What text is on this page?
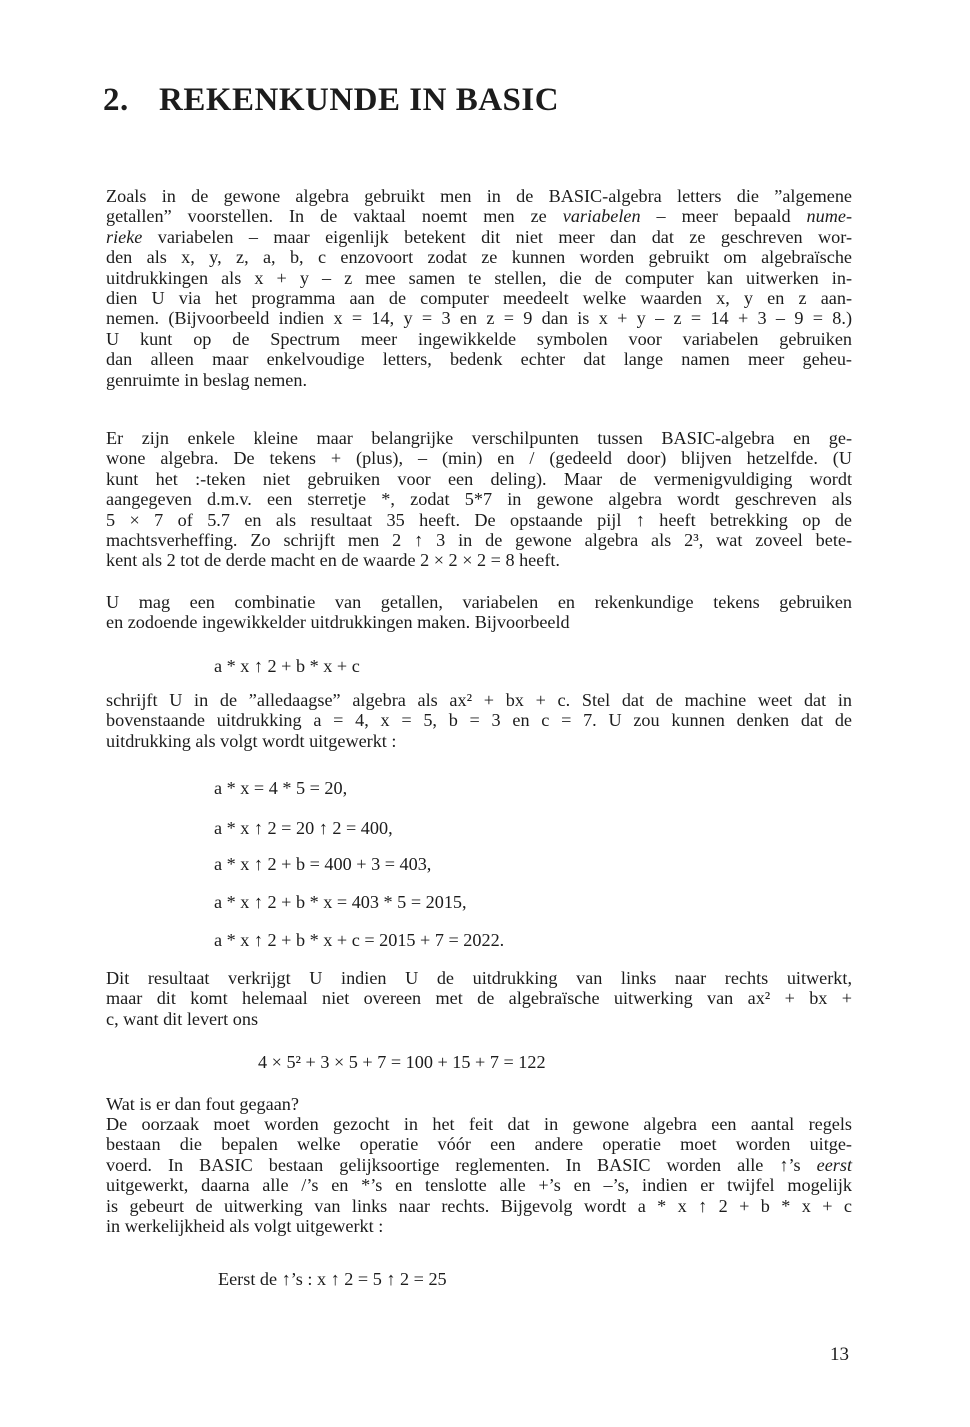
2. REKENKUNDE IN BASIC

Zoals in de gewone algebra gebruikt men in de BASIC-algebra letters die ”algemene
getallen” voorstellen. In de vaktaal noemt men ze variabelen – meer bepaald nume-
rieke variabelen – maar eigenlijk betekent dit niet meer dan dat ze geschreven wor-
den als x, y, z, a, b, c enzovoort zodat ze kunnen worden gebruikt om algebraïsche
uitdrukkingen als x + y – z mee samen te stellen, die de computer kan uitwerken in-
dien U via het programma aan de computer meedeelt welke waarden x, y en z aan-
nemen. (Bijvoorbeeld indien x = 14, y = 3 en z = 9 dan is x + y – z = 14 + 3 – 9 = 8.)
U kunt op de Spectrum meer ingewikkelde symbolen voor variabelen gebruiken
dan alleen maar enkelvoudige letters, bedenk echter dat lange namen meer geheu-
genruimte in beslag nemen.

Er zijn enkele kleine maar belangrijke verschilpunten tussen BASIC-algebra en ge-
wone algebra. De tekens + (plus), – (min) en / (gedeeld door) blijven hetzelfde. (U
kunt het :-teken niet gebruiken voor een deling). Maar de vermenigvuldiging wordt
aangegeven d.m.v. een sterretje *, zodat 5*7 in gewone algebra wordt geschreven als
5 × 7 of 5.7 en als resultaat 35 heeft. De opstaande pijl ↑ heeft betrekking op de
machtsverheffing. Zo schrijft men 2 ↑ 3 in de gewone algebra als 2³, wat zoveel bete-
kent als 2 tot de derde macht en de waarde 2 × 2 × 2 = 8 heeft.

U mag een combinatie van getallen, variabelen en rekenkundige tekens gebruiken
en zodoende ingewikkelder uitdrukkingen maken. Bijvoorbeeld

a * x ↑ 2 + b * x + c

schrijft U in de ”alledaagse” algebra als ax² + bx + c. Stel dat de machine weet dat in
bovenstaande uitdrukking a = 4, x = 5, b = 3 en c = 7. U zou kunnen denken dat de
uitdrukking als volgt wordt uitgewerkt :

a * x = 4 * 5 = 20,
a * x ↑ 2 = 20 ↑ 2 = 400,
a * x ↑ 2 + b = 400 + 3 = 403,
a * x ↑ 2 + b * x = 403 * 5 = 2015,
a * x ↑ 2 + b * x + c = 2015 + 7 = 2022.

Dit resultaat verkrijgt U indien U de uitdrukking van links naar rechts uitwerkt,
maar dit komt helemaal niet overeen met de algebraïsche uitwerking van ax² + bx +
c, want dit levert ons

4 × 5² + 3 × 5 + 7 = 100 + 15 + 7 = 122

Wat is er dan fout gegaan?

De oorzaak moet worden gezocht in het feit dat in gewone algebra een aantal regels
bestaan die bepalen welke operatie vóór een andere operatie moet worden uitge-
voerd. In BASIC bestaan gelijksoortige reglementen. In BASIC worden alle ↑’s eerst
uitgewerkt, daarna alle /’s en *’s en tenslotte alle +’s en –’s, indien er twijfel mogelijk
is gebeurt de uitwerking van links naar rechts. Bijgevolg wordt a * x ↑ 2 + b * x + c
in werkelijkheid als volgt uitgewerkt :

Eerst de ↑’s : x ↑ 2 = 5 ↑ 2 = 25
13
